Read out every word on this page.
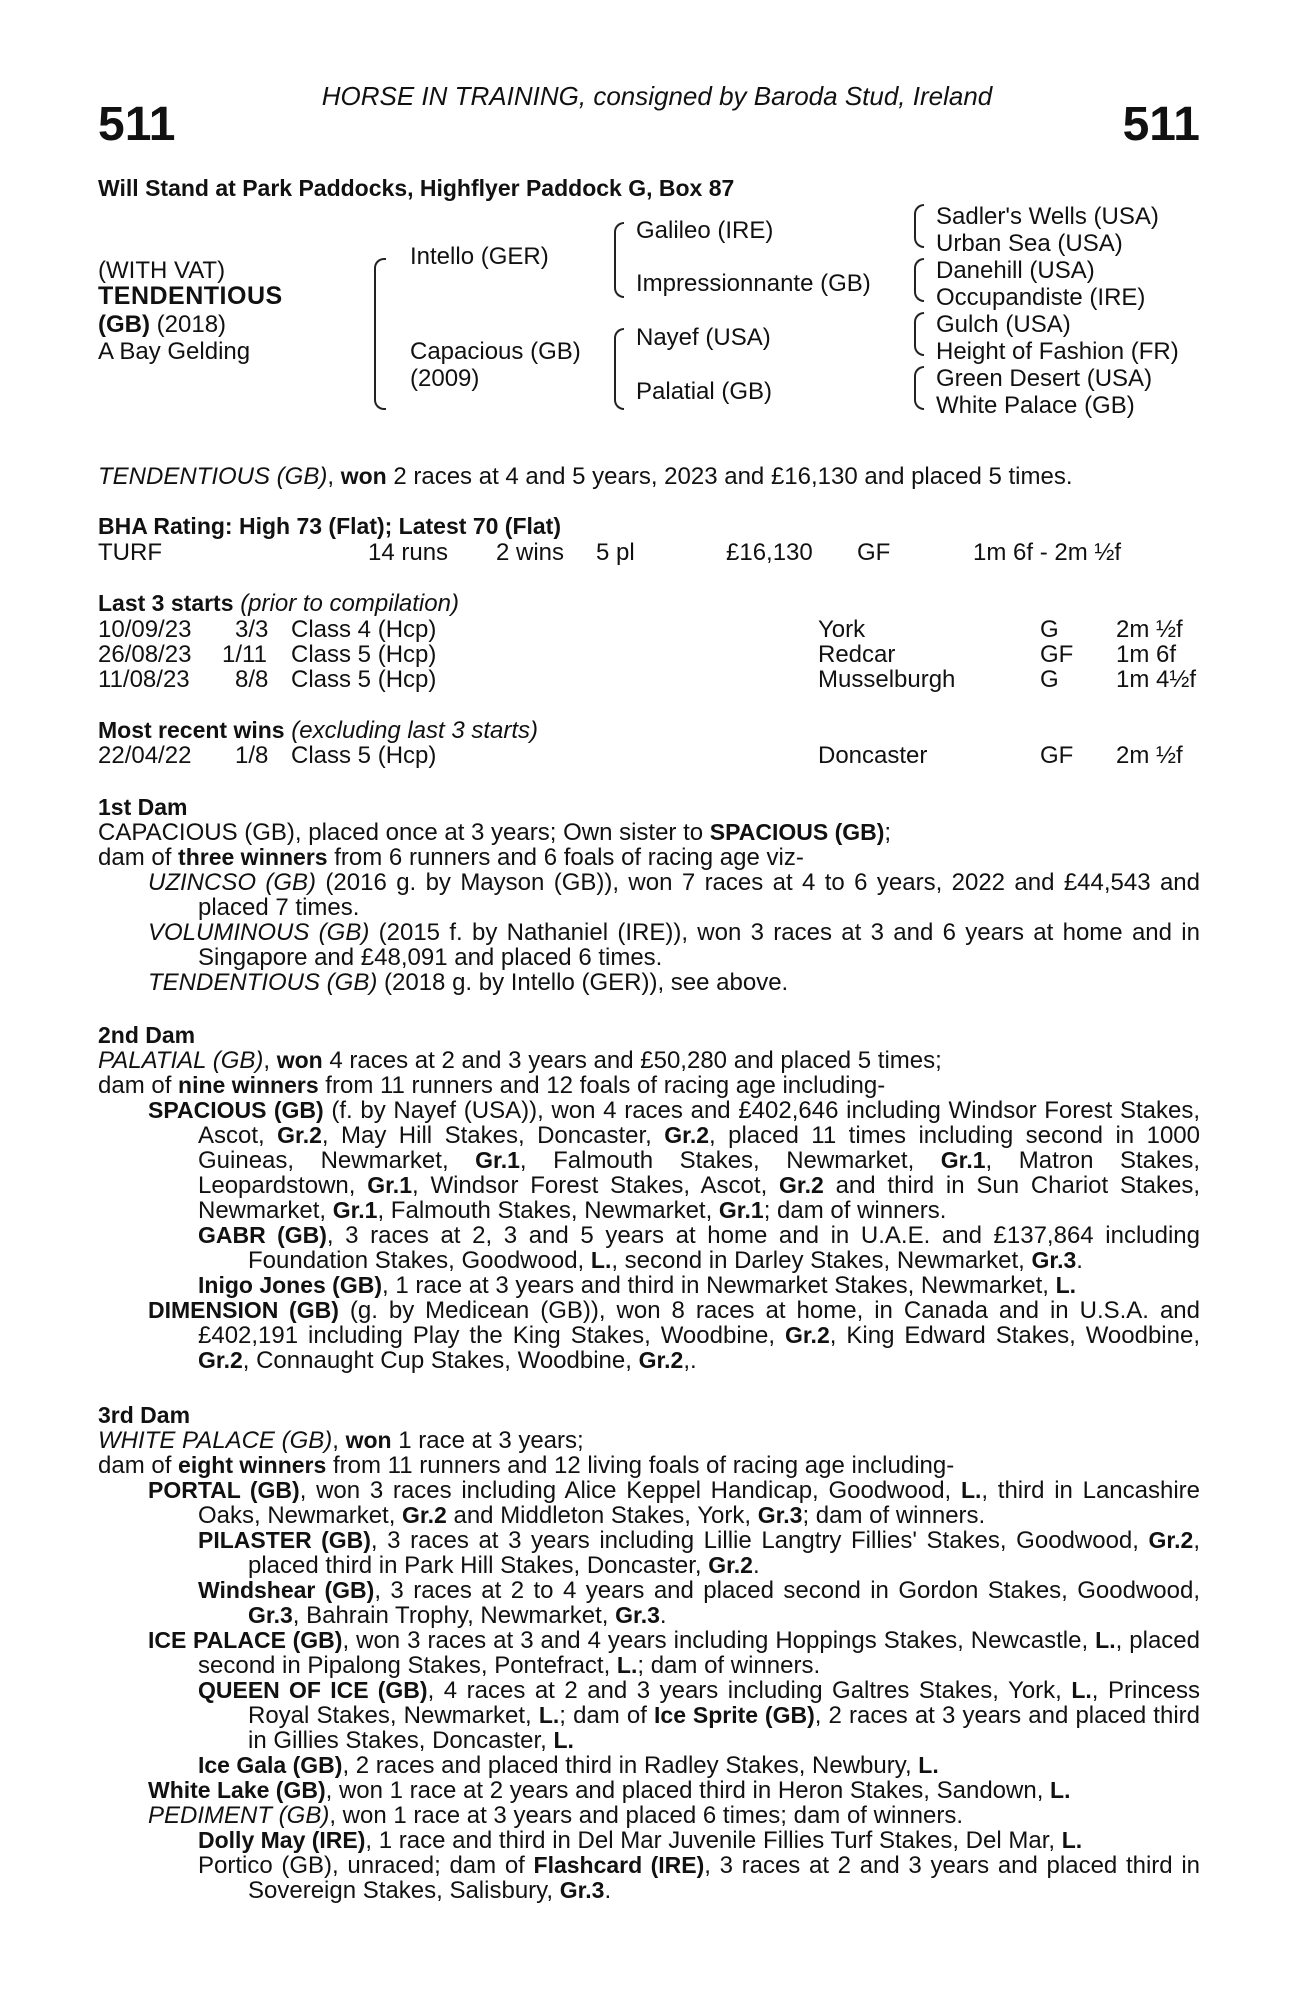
HORSE IN TRAINING, consigned by Baroda Stud, Ireland
511	511
Will Stand at Park Paddocks, Highflyer Paddock G, Box 87
(WITH VAT)
TENDENTIOUS
(GB) (2018)
A Bay Gelding
Intello (GER)
Capacious (GB)
(2009)
Galileo (IRE)
Impressionnante (GB)
Nayef (USA)
Palatial (GB)
Sadler's Wells (USA)
Urban Sea (USA)
Danehill (USA)
Occupandiste (IRE)
Gulch (USA)
Height of Fashion (FR)
Green Desert (USA)
White Palace (GB)
TENDENTIOUS (GB), won 2 races at 4 and 5 years, 2023 and £16,130 and placed 5 times.
BHA Rating: High 73 (Flat); Latest 70 (Flat)
TURF	14 runs 2 wins 5 pl	£16,130 GF	1m 6f - 2m ½f
Last 3 starts (prior to compilation)
10/09/23 3/3 Class 4 (Hcp)	York	G 2m ½f
26/08/23 1/11 Class 5 (Hcp)	Redcar	GF 1m 6f
11/08/23 8/8 Class 5 (Hcp)	Musselburgh	G 1m 4½f
Most recent wins (excluding last 3 starts)
22/04/22 1/8 Class 5 (Hcp)	Doncaster	GF 2m ½f

1st Dam

CAPACIOUS (GB), placed once at 3 years; Own sister to SPACIOUS (GB);

dam of three winners from 6 runners and 6 foals of racing age viz-

UZINCSO (GB) (2016 g. by Mayson (GB)), won 7 races at 4 to 6 years, 2022 and £44,543 and placed 7 times.

VOLUMINOUS (GB) (2015 f. by Nathaniel (IRE)), won 3 races at 3 and 6 years at home and in Singapore and £48,091 and placed 6 times.

TENDENTIOUS (GB) (2018 g. by Intello (GER)), see above.

2nd Dam

PALATIAL (GB), won 4 races at 2 and 3 years and £50,280 and placed 5 times;

dam of nine winners from 11 runners and 12 foals of racing age including-

SPACIOUS (GB) (f. by Nayef (USA)), won 4 races and £402,646 including Windsor Forest Stakes, Ascot, Gr.2, May Hill Stakes, Doncaster, Gr.2, placed 11 times including second in 1000 Guineas, Newmarket, Gr.1, Falmouth Stakes, Newmarket, Gr.1, Matron Stakes, Leopardstown, Gr.1, Windsor Forest Stakes, Ascot, Gr.2 and third in Sun Chariot Stakes, Newmarket, Gr.1, Falmouth Stakes, Newmarket, Gr.1; dam of winners.

GABR (GB), 3 races at 2, 3 and 5 years at home and in U.A.E. and £137,864 including Foundation Stakes, Goodwood, L., second in Darley Stakes, Newmarket, Gr.3.

Inigo Jones (GB), 1 race at 3 years and third in Newmarket Stakes, Newmarket, L.

DIMENSION (GB) (g. by Medicean (GB)), won 8 races at home, in Canada and in U.S.A. and £402,191 including Play the King Stakes, Woodbine, Gr.2, King Edward Stakes, Woodbine, Gr.2, Connaught Cup Stakes, Woodbine, Gr.2,.

3rd Dam

WHITE PALACE (GB), won 1 race at 3 years;

dam of eight winners from 11 runners and 12 living foals of racing age including-

PORTAL (GB), won 3 races including Alice Keppel Handicap, Goodwood, L., third in Lancashire Oaks, Newmarket, Gr.2 and Middleton Stakes, York, Gr.3; dam of winners.

PILASTER (GB), 3 races at 3 years including Lillie Langtry Fillies' Stakes, Goodwood, Gr.2, placed third in Park Hill Stakes, Doncaster, Gr.2.

Windshear (GB), 3 races at 2 to 4 years and placed second in Gordon Stakes, Goodwood, Gr.3, Bahrain Trophy, Newmarket, Gr.3.

ICE PALACE (GB), won 3 races at 3 and 4 years including Hoppings Stakes, Newcastle, L., placed second in Pipalong Stakes, Pontefract, L.; dam of winners.

QUEEN OF ICE (GB), 4 races at 2 and 3 years including Galtres Stakes, York, L., Princess Royal Stakes, Newmarket, L.; dam of Ice Sprite (GB), 2 races at 3 years and placed third in Gillies Stakes, Doncaster, L.

Ice Gala (GB), 2 races and placed third in Radley Stakes, Newbury, L.

White Lake (GB), won 1 race at 2 years and placed third in Heron Stakes, Sandown, L.

PEDIMENT (GB), won 1 race at 3 years and placed 6 times; dam of winners.

Dolly May (IRE), 1 race and third in Del Mar Juvenile Fillies Turf Stakes, Del Mar, L.

Portico (GB), unraced; dam of Flashcard (IRE), 3 races at 2 and 3 years and placed third in Sovereign Stakes, Salisbury, Gr.3.
